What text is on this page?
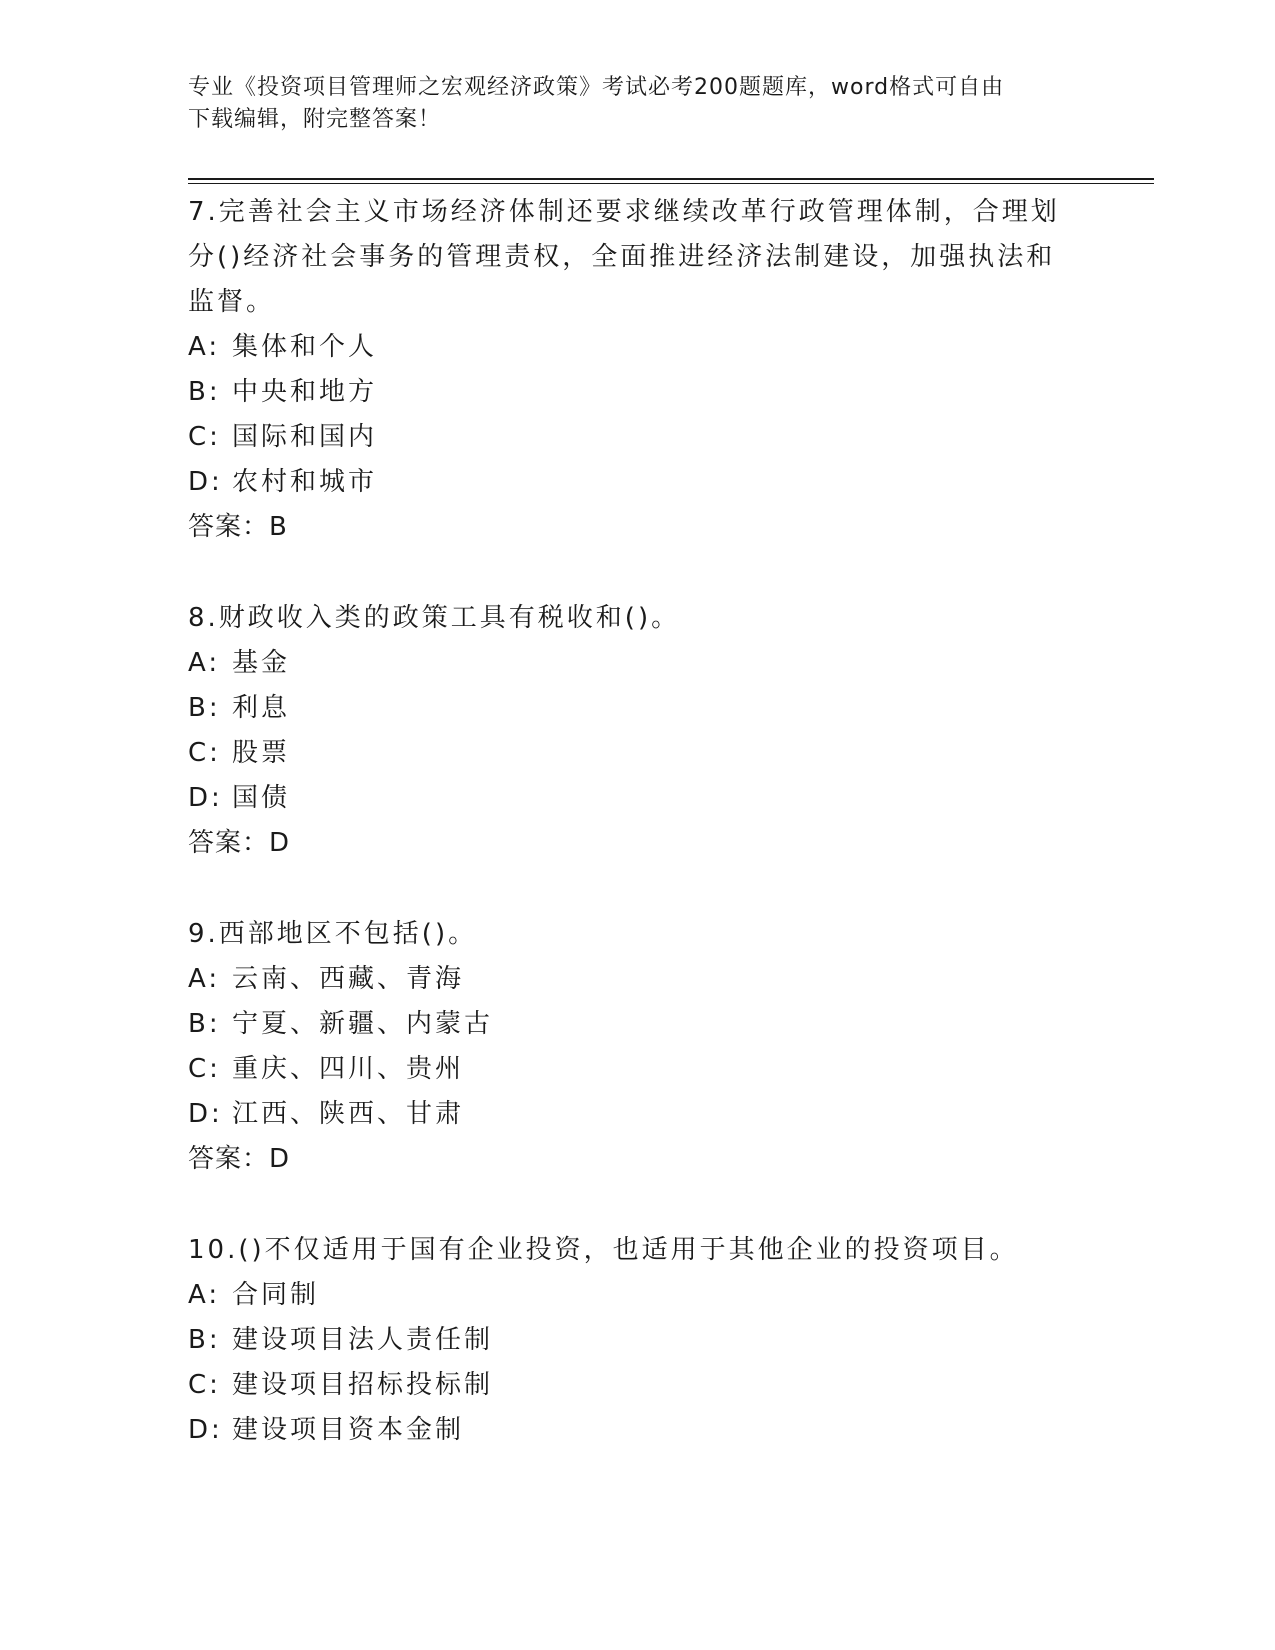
专业《投资项目管理师之宏观经济政策》考试必考200题题库，word格式可自由
下载编辑，附完整答案！

7.完善社会主义市场经济体制还要求继续改革行政管理体制，合理划

分()经济社会事务的管理责权，全面推进经济法制建设，加强执法和

监督。

A: 集体和个人

B: 中央和地方

C: 国际和国内

D: 农村和城市

答案：B

8.财政收入类的政策工具有税收和()。

A: 基金

B: 利息

C: 股票

D: 国债

答案：D

9.西部地区不包括()。

A: 云南、西藏、青海

B: 宁夏、新疆、内蒙古

C: 重庆、四川、贵州

D: 江西、陕西、甘肃

答案：D

10.()不仅适用于国有企业投资，也适用于其他企业的投资项目。

A: 合同制

B: 建设项目法人责任制

C: 建设项目招标投标制

D: 建设项目资本金制
